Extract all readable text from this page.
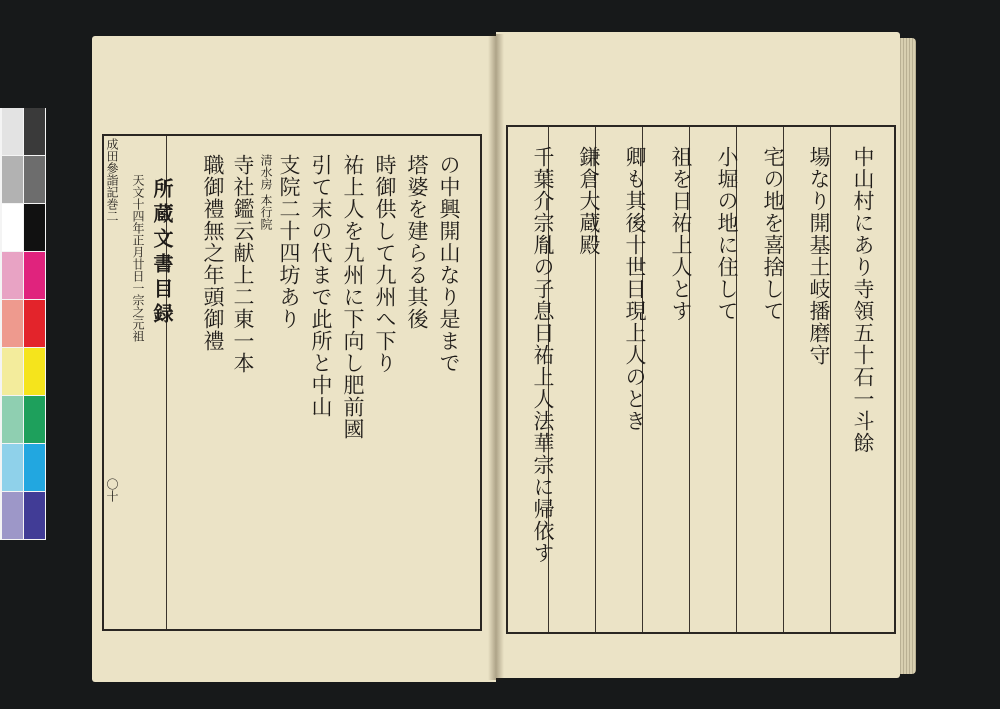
中山村にあり寺領五十石一斗餘
場なり開基土岐播磨守
宅の地を喜捨して
小堀の地に住して
祖を日祐上人とす
卿も其後十世日現上人のとき
鎌倉大蔵殿
千葉介宗胤の子息日祐上人法華宗に帰依す
の中興開山なり是まで
塔婆を建らる其後
時御供して九州へ下り
祐上人を九州に下向し肥前國
引て末の代まで此所と中山
支院二十四坊あり
清水房 本行院
寺社鑑云献上二東一本
職御禮無之年頭御禮
所蔵文書目録
天文十四年正月廿日一宗之元祖
成田參詣記巻二
〇十
